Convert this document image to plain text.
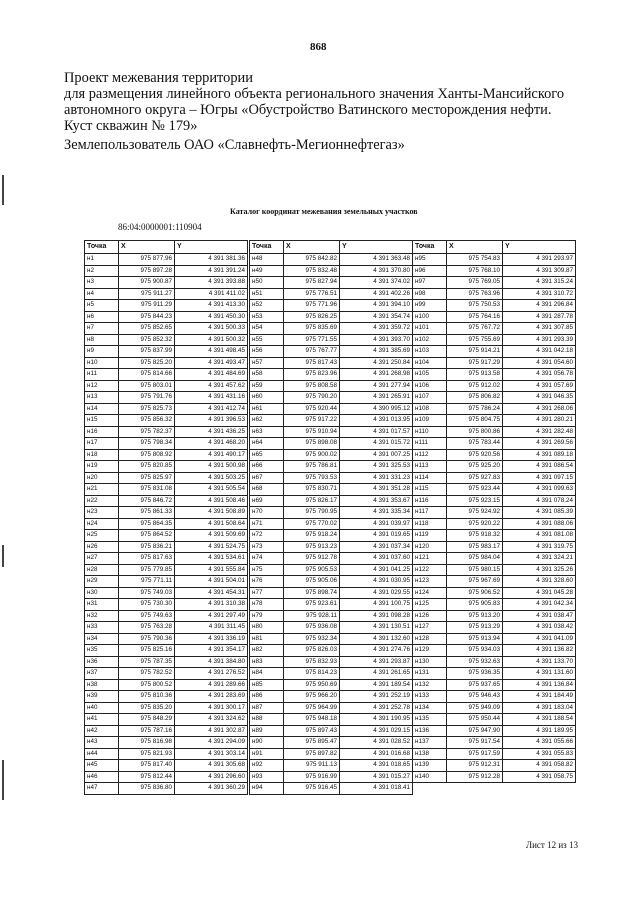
868
Проект межевания территории
для размещения линейного объекта регионального значения Ханты-Мансийского
автономного округа – Югры «Обустройство Ватинского месторождения нефти.
Куст скважин № 179»
Землепользователь ОАО «Славнефть-Мегионнефтегаз»
Каталог координат межевания земельных участков
86:04:0000001:110904
Точка	X	Y
н1	975 877.96	4 391 381.36
н2	975 897.28	4 391 391.24
н3	975 900.87	4 391 393.88
н4	975 911.27	4 391 411.02
н5	975 911.29	4 391 413.30
н6	975 844.23	4 391 450.30
н7	975 852.65	4 391 500.33
н8	975 852.32	4 391 500.32
н9	975 837.99	4 391 498.45
н10	975 825.20	4 391 493.47
н11	975 814.66	4 391 484.69
н12	975 803.01	4 391 457.62
н13	975 791.76	4 391 431.16
н14	975 825.73	4 391 412.74
н15	975 856.32	4 391 396.53
н16	975 782.37	4 391 436.25
н17	975 798.34	4 391 468.20
н18	975 808.92	4 391 490.17
н19	975 820.85	4 391 500.98
н20	975 825.97	4 391 503.25
н21	975 831.08	4 391 505.54
н22	975 846.72	4 391 508.46
н23	975 861.33	4 391 508.89
н24	975 864.35	4 391 508.64
н25	975 864.52	4 391 509.69
н26	975 836.21	4 391 524.75
н27	975 817.63	4 391 534.61
н28	975 779.85	4 391 555.84
н29	975 771.11	4 391 504.01
н30	975 749.03	4 391 454.31
н31	975 730.30	4 391 310.38
н32	975 749.63	4 391 297.49
н33	975 763.28	4 391 311.45
н34	975 790.36	4 391 336.19
н35	975 825.16	4 391 354.17
н36	975 787.35	4 391 384.80
н37	975 782.52	4 391 276.52
н38	975 800.52	4 391 289.66
н39	975 810.36	4 391 283.69
н40	975 835.20	4 391 300.17
н41	975 848.29	4 391 324.62
н42	975 787.16	4 391 302.87
н43	975 816.98	4 391 294.09
н44	975 821.93	4 391 303.14
н45	975 817.40	4 391 305.68
н46	975 812.44	4 391 296.60
н47	975 836.80	4 391 360.29
Точка	X	Y
н48	975 842.82	4 391 363.48
н49	975 832.48	4 391 370.80
н50	975 827.94	4 391 374.02
н51	975 776.51	4 391 402.26
н52	975 771.96	4 391 394.10
н53	975 826.25	4 391 354.74
н54	975 835.69	4 391 359.72
н55	975 771.55	4 391 393.70
н56	975 767.77	4 391 385.69
н57	975 817.43	4 391 250.84
н58	975 823.96	4 391 268.98
н59	975 808.58	4 391 277.94
н60	975 790.20	4 391 265.91
н61	975 920.44	4 390 995.12
н62	975 917.22	4 391 013.95
н63	975 910.94	4 391 017.57
н64	975 898.08	4 391 015.72
н65	975 900.02	4 391 007.25
н66	975 786.81	4 391 325.53
н67	975 793.53	4 391 331.23
н68	975 830.71	4 391 351.28
н69	975 826.17	4 391 353.67
н70	975 790.95	4 391 335.34
н71	975 770.02	4 391 039.97
н72	975 918.24	4 391 019.65
н73	975 913.23	4 391 037.34
н74	975 912.78	4 391 037.60
н75	975 905.53	4 391 041.25
н76	975 905.06	4 391 030.95
н77	975 898.74	4 391 029.55
н78	975 923.61	4 391 100.75
н79	975 928.11	4 391 098.28
н80	975 936.08	4 391 130.51
н81	975 932.34	4 391 132.60
н82	975 826.03	4 391 274.76
н83	975 832.93	4 391 293.87
н84	975 814.23	4 391 261.65
н85	975 950.69	4 391 189.54
н86	975 966.20	4 391 252.19
н87	975 964.99	4 391 252.78
н88	975 948.18	4 391 190.95
н89	975 897.43	4 391 029.15
н90	975 895.47	4 391 028.52
н91	975 897.82	4 391 016.68
н92	975 911.13	4 391 018.65
н93	975 916.99	4 391 015.27
н94	975 916.45	4 391 018.41
Точка	X	Y
н95	975 754.83	4 391 293.97
н96	975 768.10	4 391 309.87
н97	975 769.05	4 391 315.24
н98	975 763.96	4 391 310.72
н99	975 750.53	4 391 296.84
н100	975 764.16	4 391 287.78
н101	975 767.72	4 391 307.85
н102	975 755.69	4 391 293.39
н103	975 914.21	4 391 042.18
н104	975 917.29	4 391 054.60
н105	975 913.58	4 391 056.78
н106	975 912.02	4 391 057.69
н107	975 806.82	4 391 046.35
н108	975 786.24	4 391 268.06
н109	975 804.75	4 391 280.21
н110	975 800.86	4 391 282.48
н111	975 783.44	4 391 269.56
н112	975 920.56	4 391 089.18
н113	975 925.20	4 391 086.54
н114	975 927.83	4 391 097.15
н115	975 923.44	4 391 099.63
н116	975 923.15	4 391 078.24
н117	975 924.92	4 391 085.39
н118	975 920.22	4 391 088.06
н119	975 918.32	4 391 081.08
н120	975 983.17	4 391 319.75
н121	975 984.04	4 391 324.21
н122	975 980.15	4 391 325.26
н123	975 967.69	4 391 328.60
н124	975 906.52	4 391 045.28
н125	975 905.83	4 391 042.34
н126	975 913.20	4 391 038.47
н127	975 913.29	4 391 038.42
н128	975 913.94	4 391 041.09
н129	975 934.03	4 391 136.82
н130	975 932.63	4 391 133.70
н131	975 936.35	4 391 131.60
н132	975 937.65	4 391 136.84
н133	975 946.43	4 391 184.49
н134	975 949.09	4 391 183.04
н135	975 950.44	4 391 188.54
н136	975 947.90	4 391 189.95
н137	975 917.54	4 391 055.66
н138	975 917.59	4 391 055.83
н139	975 912.31	4 391 058.82
н140	975 912.28	4 391 058.75
Лист 12 из 13
